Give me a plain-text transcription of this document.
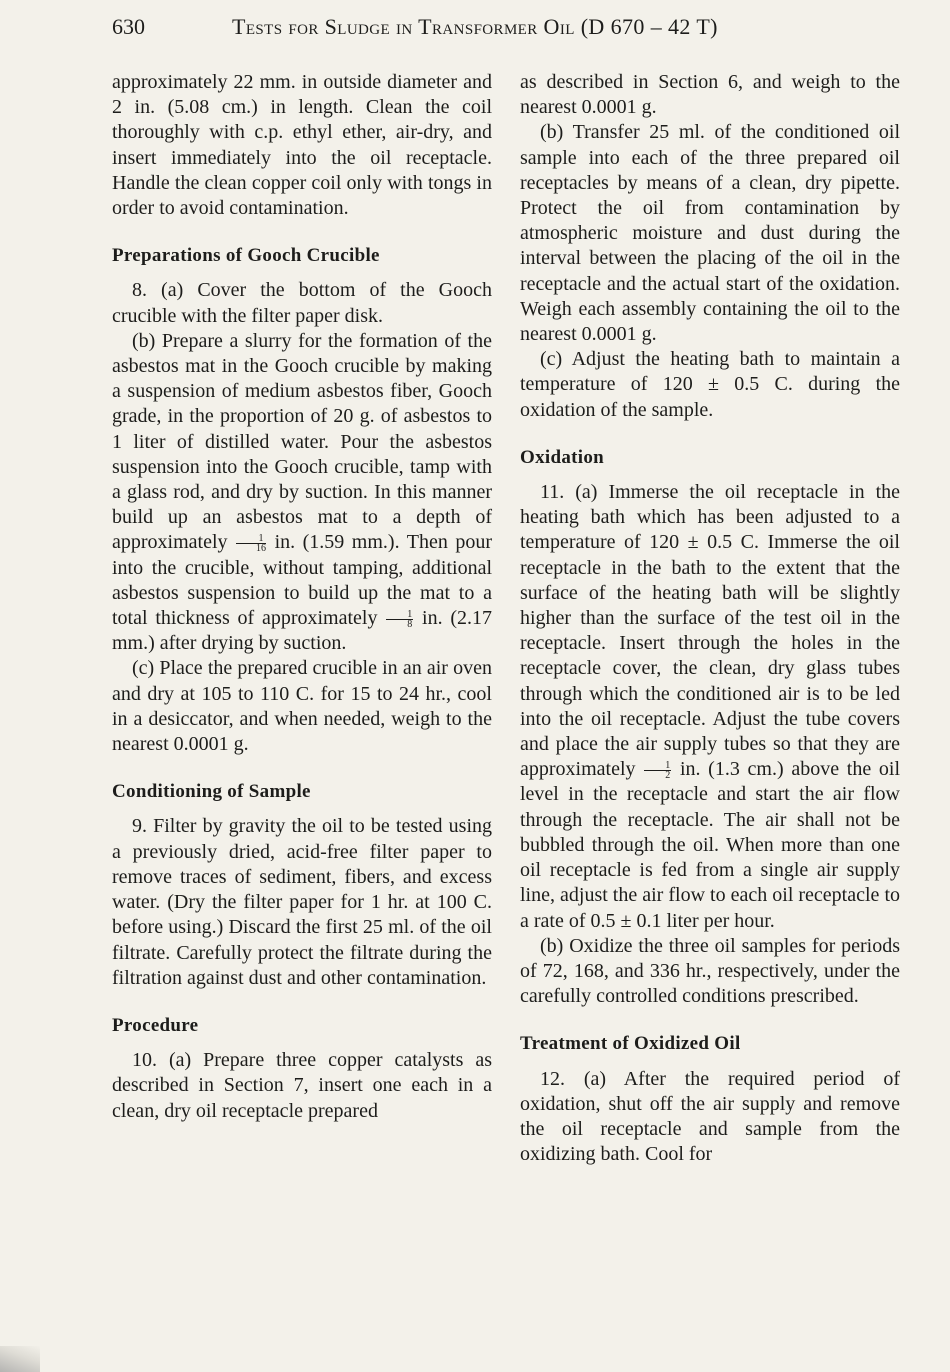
630	Tests for Sludge in Transformer Oil (D 670 – 42 T)

approximately 22 mm. in outside diameter and 2 in. (5.08 cm.) in length. Clean the coil thoroughly with c.p. ethyl ether, air-dry, and insert immediately into the oil receptacle. Handle the clean copper coil only with tongs in order to avoid contamination.

Preparations of Gooch Crucible

8. (a) Cover the bottom of the Gooch crucible with the filter paper disk.

(b) Prepare a slurry for the formation of the asbestos mat in the Gooch crucible by making a suspension of medium asbestos fiber, Gooch grade, in the proportion of 20 g. of asbestos to 1 liter of distilled water. Pour the asbestos suspension into the Gooch crucible, tamp with a glass rod, and dry by suction. In this manner build up an asbestos mat to a depth of approximately $\frac{1}{16}$ in. (1.59 mm.). Then pour into the crucible, without tamping, additional asbestos suspension to build up the mat to a total thickness of approximately $\frac{1}{8}$ in. (2.17 mm.) after drying by suction.

(c) Place the prepared crucible in an air oven and dry at 105 to 110 C. for 15 to 24 hr., cool in a desiccator, and when needed, weigh to the nearest 0.0001 g.

Conditioning of Sample

9. Filter by gravity the oil to be tested using a previously dried, acid-free filter paper to remove traces of sediment, fibers, and excess water. (Dry the filter paper for 1 hr. at 100 C. before using.) Discard the first 25 ml. of the oil filtrate. Carefully protect the filtrate during the filtration against dust and other contamination.

Procedure

10. (a) Prepare three copper catalysts as described in Section 7, insert one each in a clean, dry oil receptacle prepared

as described in Section 6, and weigh to the nearest 0.0001 g.

(b) Transfer 25 ml. of the conditioned oil sample into each of the three prepared oil receptacles by means of a clean, dry pipette. Protect the oil from contamination by atmospheric moisture and dust during the interval between the placing of the oil in the receptacle and the actual start of the oxidation. Weigh each assembly containing the oil to the nearest 0.0001 g.

(c) Adjust the heating bath to maintain a temperature of 120 ± 0.5 C. during the oxidation of the sample.

Oxidation

11. (a) Immerse the oil receptacle in the heating bath which has been adjusted to a temperature of 120 ± 0.5 C. Immerse the oil receptacle in the bath to the extent that the surface of the heating bath will be slightly higher than the surface of the test oil in the receptacle. Insert through the holes in the receptacle cover, the clean, dry glass tubes through which the conditioned air is to be led into the oil receptacle. Adjust the tube covers and place the air supply tubes so that they are approximately $\frac{1}{2}$ in. (1.3 cm.) above the oil level in the receptacle and start the air flow through the receptacle. The air shall not be bubbled through the oil. When more than one oil receptacle is fed from a single air supply line, adjust the air flow to each oil receptacle to a rate of 0.5 ± 0.1 liter per hour.

(b) Oxidize the three oil samples for periods of 72, 168, and 336 hr., respectively, under the carefully controlled conditions prescribed.

Treatment of Oxidized Oil

12. (a) After the required period of oxidation, shut off the air supply and remove the oil receptacle and sample from the oxidizing bath. Cool for
